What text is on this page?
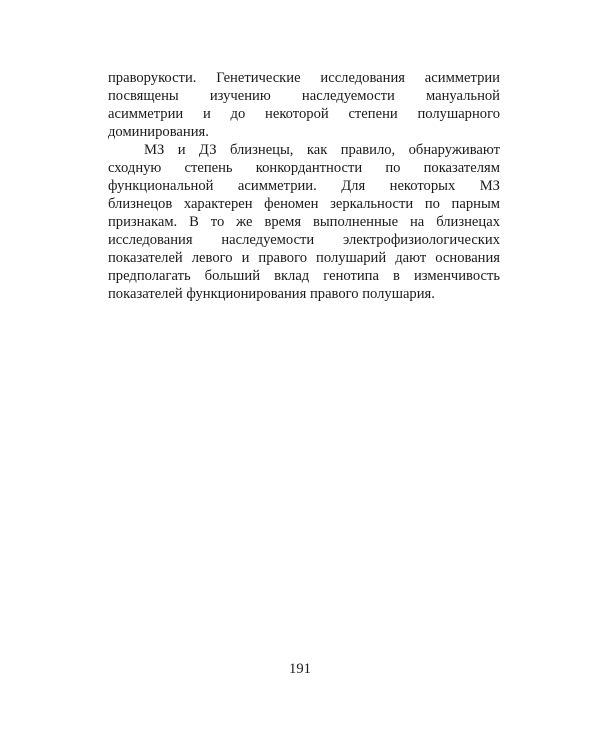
праворукости. Генетические исследования асимметрии
посвящены изучению наследуемости мануальной
асимметрии и до некоторой степени полушарного
доминирования.
МЗ и ДЗ близнецы, как правило, обнаруживают
сходную степень конкордантности по показателям
функциональной асимметрии. Для некоторых МЗ
близнецов характерен феномен зеркальности по парным
признакам. В то же время выполненные на близнецах
исследования наследуемости электрофизиологических
показателей левого и правого полушарий дают основания
предполагать больший вклад генотипа в изменчивость
показателей функционирования правого полушария.
191
